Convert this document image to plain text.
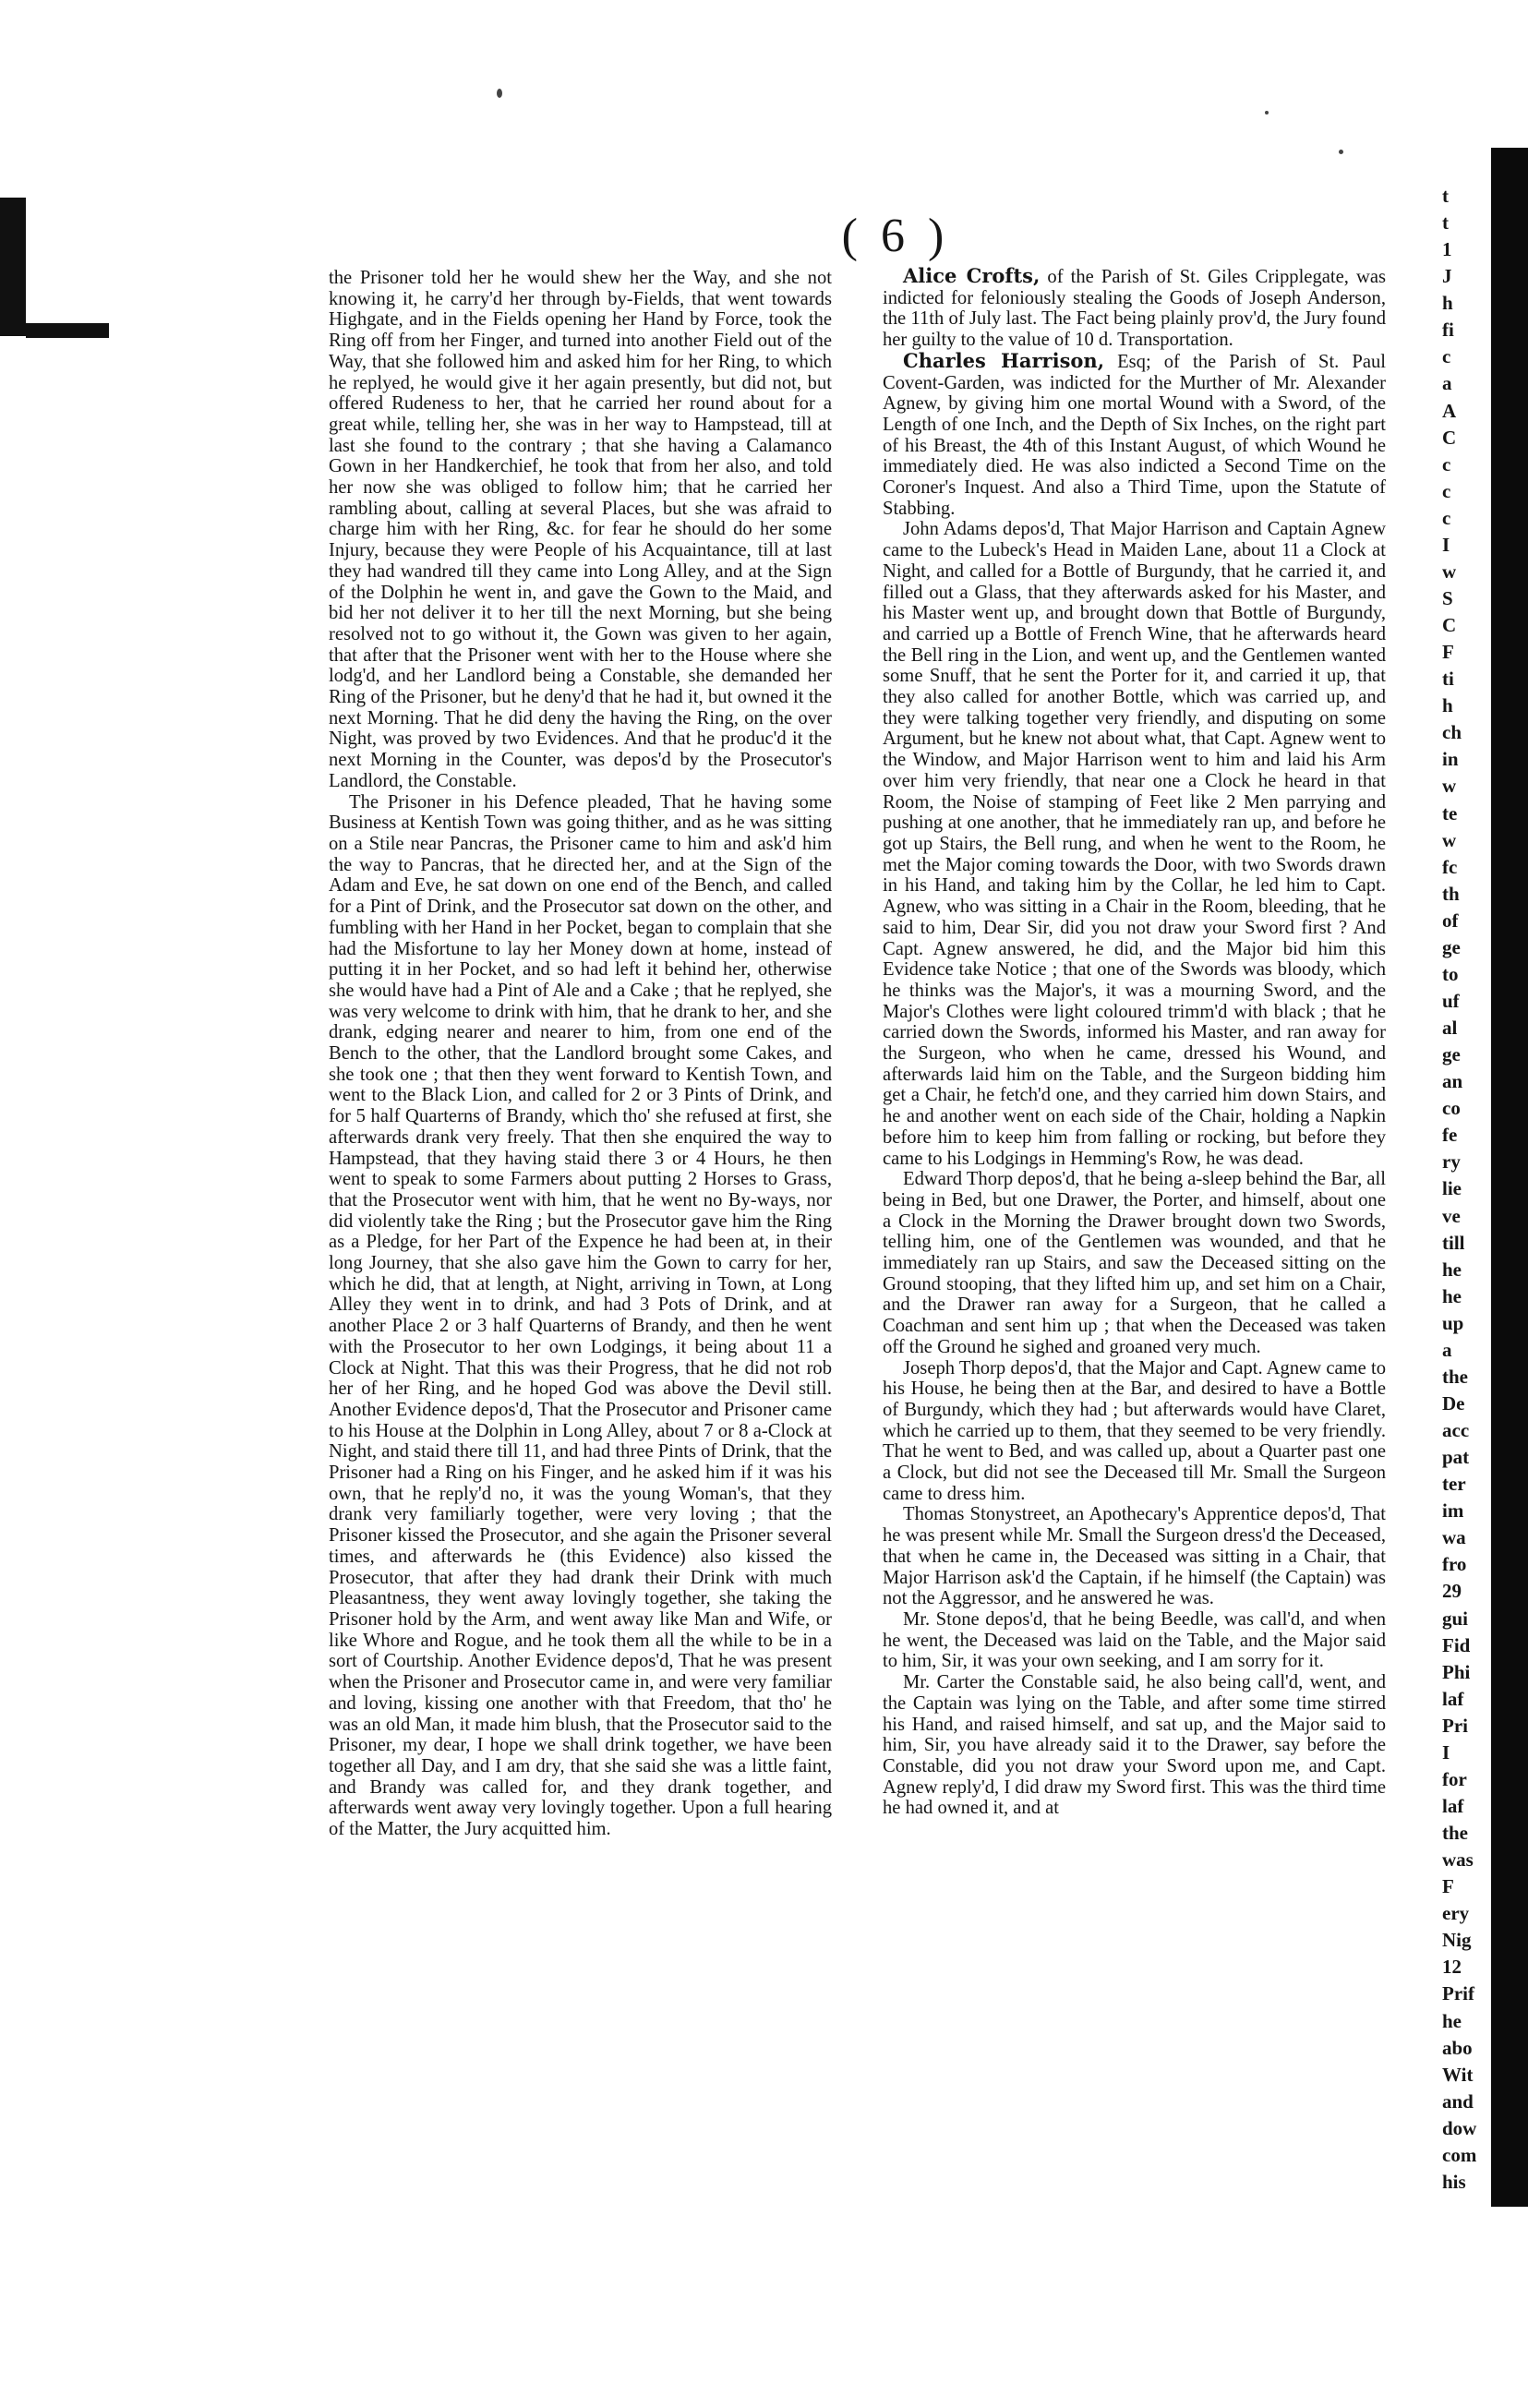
( 6 )

the Prisoner told her he would shew her the Way, and she not knowing it, he carry'd her through by-Fields, that went towards Highgate, and in the Fields opening her Hand by Force, took the Ring off from her Finger, and turned into another Field out of the Way, that she followed him and asked him for her Ring, to which he replyed, he would give it her again presently, but did not, but offered Rudeness to her, that he carried her round about for a great while, telling her, she was in her way to Hampstead, till at last she found to the contrary ; that she having a Calamanco Gown in her Handkerchief, he took that from her also, and told her now she was obliged to follow him; that he carried her rambling about, calling at several Places, but she was afraid to charge him with her Ring, &c. for fear he should do her some Injury, because they were People of his Acquaintance, till at last they had wandred till they came into Long Alley, and at the Sign of the Dolphin he went in, and gave the Gown to the Maid, and bid her not deliver it to her till the next Morning, but she being resolved not to go without it, the Gown was given to her again, that after that the Prisoner went with her to the House where she lodg'd, and her Landlord being a Constable, she demanded her Ring of the Prisoner, but he deny'd that he had it, but owned it the next Morning. That he did deny the having the Ring, on the over Night, was proved by two Evidences. And that he produc'd it the next Morning in the Counter, was depos'd by the Prosecutor's Landlord, the Constable.

The Prisoner in his Defence pleaded, That he having some Business at Kentish Town was going thither, and as he was sitting on a Stile near Pancras, the Prisoner came to him and ask'd him the way to Pancras, that he directed her, and at the Sign of the Adam and Eve, he sat down on one end of the Bench, and called for a Pint of Drink, and the Prosecutor sat down on the other, and fumbling with her Hand in her Pocket, began to complain that she had the Misfortune to lay her Money down at home, instead of putting it in her Pocket, and so had left it behind her, otherwise she would have had a Pint of Ale and a Cake ; that he replyed, she was very welcome to drink with him, that he drank to her, and she drank, edging nearer and nearer to him, from one end of the Bench to the other, that the Landlord brought some Cakes, and she took one ; that then they went forward to Kentish Town, and went to the Black Lion, and called for 2 or 3 Pints of Drink, and for 5 half Quarterns of Brandy, which tho' she refused at first, she afterwards drank very freely. That then she enquired the way to Hampstead, that they having staid there 3 or 4 Hours, he then went to speak to some Farmers about putting 2 Horses to Grass, that the Prosecutor went with him, that he went no By-ways, nor did violently take the Ring ; but the Prosecutor gave him the Ring as a Pledge, for her Part of the Expence he had been at, in their long Journey, that she also gave him the Gown to carry for her, which he did, that at length, at Night, arriving in Town, at Long Alley they went in to drink, and had 3 Pots of Drink, and at another Place 2 or 3 half Quarterns of Brandy, and then he went with the Prosecutor to her own Lodgings, it being about 11 a Clock at Night. That this was their Progress, that he did not rob her of her Ring, and he hoped God was above the Devil still. Another Evidence depos'd, That the Prosecutor and Prisoner came to his House at the Dolphin in Long Alley, about 7 or 8 a-Clock at Night, and staid there till 11, and had three Pints of Drink, that the Prisoner had a Ring on his Finger, and he asked him if it was his own, that he reply'd no, it was the young Woman's, that they drank very familiarly together, were very loving ; that the Prisoner kissed the Prosecutor, and she again the Prisoner several times, and afterwards he (this Evidence) also kissed the Prosecutor, that after they had drank their Drink with much Pleasantness, they went away lovingly together, she taking the Prisoner hold by the Arm, and went away like Man and Wife, or like Whore and Rogue, and he took them all the while to be in a sort of Courtship. Another Evidence depos'd, That he was present when the Prisoner and Prosecutor came in, and were very familiar and loving, kissing one another with that Freedom, that tho' he was an old Man, it made him blush, that the Prosecutor said to the Prisoner, my dear, I hope we shall drink together, we have been together all Day, and I am dry, that she said she was a little faint, and Brandy was called for, and they drank together, and afterwards went away very lovingly together. Upon a full hearing of the Matter, the Jury acquitted him.

Alice Crofts, of the Parish of St. Giles Cripplegate, was indicted for feloniously stealing the Goods of Joseph Anderson, the 11th of July last. The Fact being plainly prov'd, the Jury found her guilty to the value of 10 d. Transportation.

Charles Harrison, Esq; of the Parish of St. Paul Covent-Garden, was indicted for the Murther of Mr. Alexander Agnew, by giving him one mortal Wound with a Sword, of the Length of one Inch, and the Depth of Six Inches, on the right part of his Breast, the 4th of this Instant August, of which Wound he immediately died. He was also indicted a Second Time on the Coroner's Inquest. And also a Third Time, upon the Statute of Stabbing.

John Adams depos'd, That Major Harrison and Captain Agnew came to the Lubeck's Head in Maiden Lane, about 11 a Clock at Night, and called for a Bottle of Burgundy, that he carried it, and filled out a Glass, that they afterwards asked for his Master, and his Master went up, and brought down that Bottle of Burgundy, and carried up a Bottle of French Wine, that he afterwards heard the Bell ring in the Lion, and went up, and the Gentlemen wanted some Snuff, that he sent the Porter for it, and carried it up, that they also called for another Bottle, which was carried up, and they were talking together very friendly, and disputing on some Argument, but he knew not about what, that Capt. Agnew went to the Window, and Major Harrison went to him and laid his Arm over him very friendly, that near one a Clock he heard in that Room, the Noise of stamping of Feet like 2 Men parrying and pushing at one another, that he immediately ran up, and before he got up Stairs, the Bell rung, and when he went to the Room, he met the Major coming towards the Door, with two Swords drawn in his Hand, and taking him by the Collar, he led him to Capt. Agnew, who was sitting in a Chair in the Room, bleeding, that he said to him, Dear Sir, did you not draw your Sword first ? And Capt. Agnew answered, he did, and the Major bid him this Evidence take Notice ; that one of the Swords was bloody, which he thinks was the Major's, it was a mourning Sword, and the Major's Clothes were light coloured trimm'd with black ; that he carried down the Swords, informed his Master, and ran away for the Surgeon, who when he came, dressed his Wound, and afterwards laid him on the Table, and the Surgeon bidding him get a Chair, he fetch'd one, and they carried him down Stairs, and he and another went on each side of the Chair, holding a Napkin before him to keep him from falling or rocking, but before they came to his Lodgings in Hemming's Row, he was dead.

Edward Thorp depos'd, that he being a-sleep behind the Bar, all being in Bed, but one Drawer, the Porter, and himself, about one a Clock in the Morning the Drawer brought down two Swords, telling him, one of the Gentlemen was wounded, and that he immediately ran up Stairs, and saw the Deceased sitting on the Ground stooping, that they lifted him up, and set him on a Chair, and the Drawer ran away for a Surgeon, that he called a Coachman and sent him up ; that when the Deceased was taken off the Ground he sighed and groaned very much.

Joseph Thorp depos'd, that the Major and Capt. Agnew came to his House, he being then at the Bar, and desired to have a Bottle of Burgundy, which they had ; but afterwards would have Claret, which he carried up to them, that they seemed to be very friendly. That he went to Bed, and was called up, about a Quarter past one a Clock, but did not see the Deceased till Mr. Small the Surgeon came to dress him.

Thomas Stonystreet, an Apothecary's Apprentice depos'd, That he was present while Mr. Small the Surgeon dress'd the Deceased, that when he came in, the Deceased was sitting in a Chair, that Major Harrison ask'd the Captain, if he himself (the Captain) was not the Aggressor, and he answered he was.

Mr. Stone depos'd, that he being Beedle, was call'd, and when he went, the Deceased was laid on the Table, and the Major said to him, Sir, it was your own seeking, and I am sorry for it.

Mr. Carter the Constable said, he also being call'd, went, and the Captain was lying on the Table, and after some time stirred his Hand, and raised himself, and sat up, and the Major said to him, Sir, you have already said it to the Drawer, say before the Constable, did you not draw your Sword upon me, and Capt. Agnew reply'd, I did draw my Sword first. This was the third time he had owned it, and at

t
t
1
J
h
fi
c
a
A
C
c
c
c
I
w
S
C
F
ti
h
ch
in
w
te
w
fc
th
of
ge
to
uf
al
ge
an
co
fe
ry
lie
ve
till
he
he
up
a
the
De
acc
pat
ter
im
wa
fro
29
gui
Fid
Phi
laf
Pri
I
for
laf
the
was
F
ery
Nig
12
Prif
he
abo
Wit
and
dow
com
his
